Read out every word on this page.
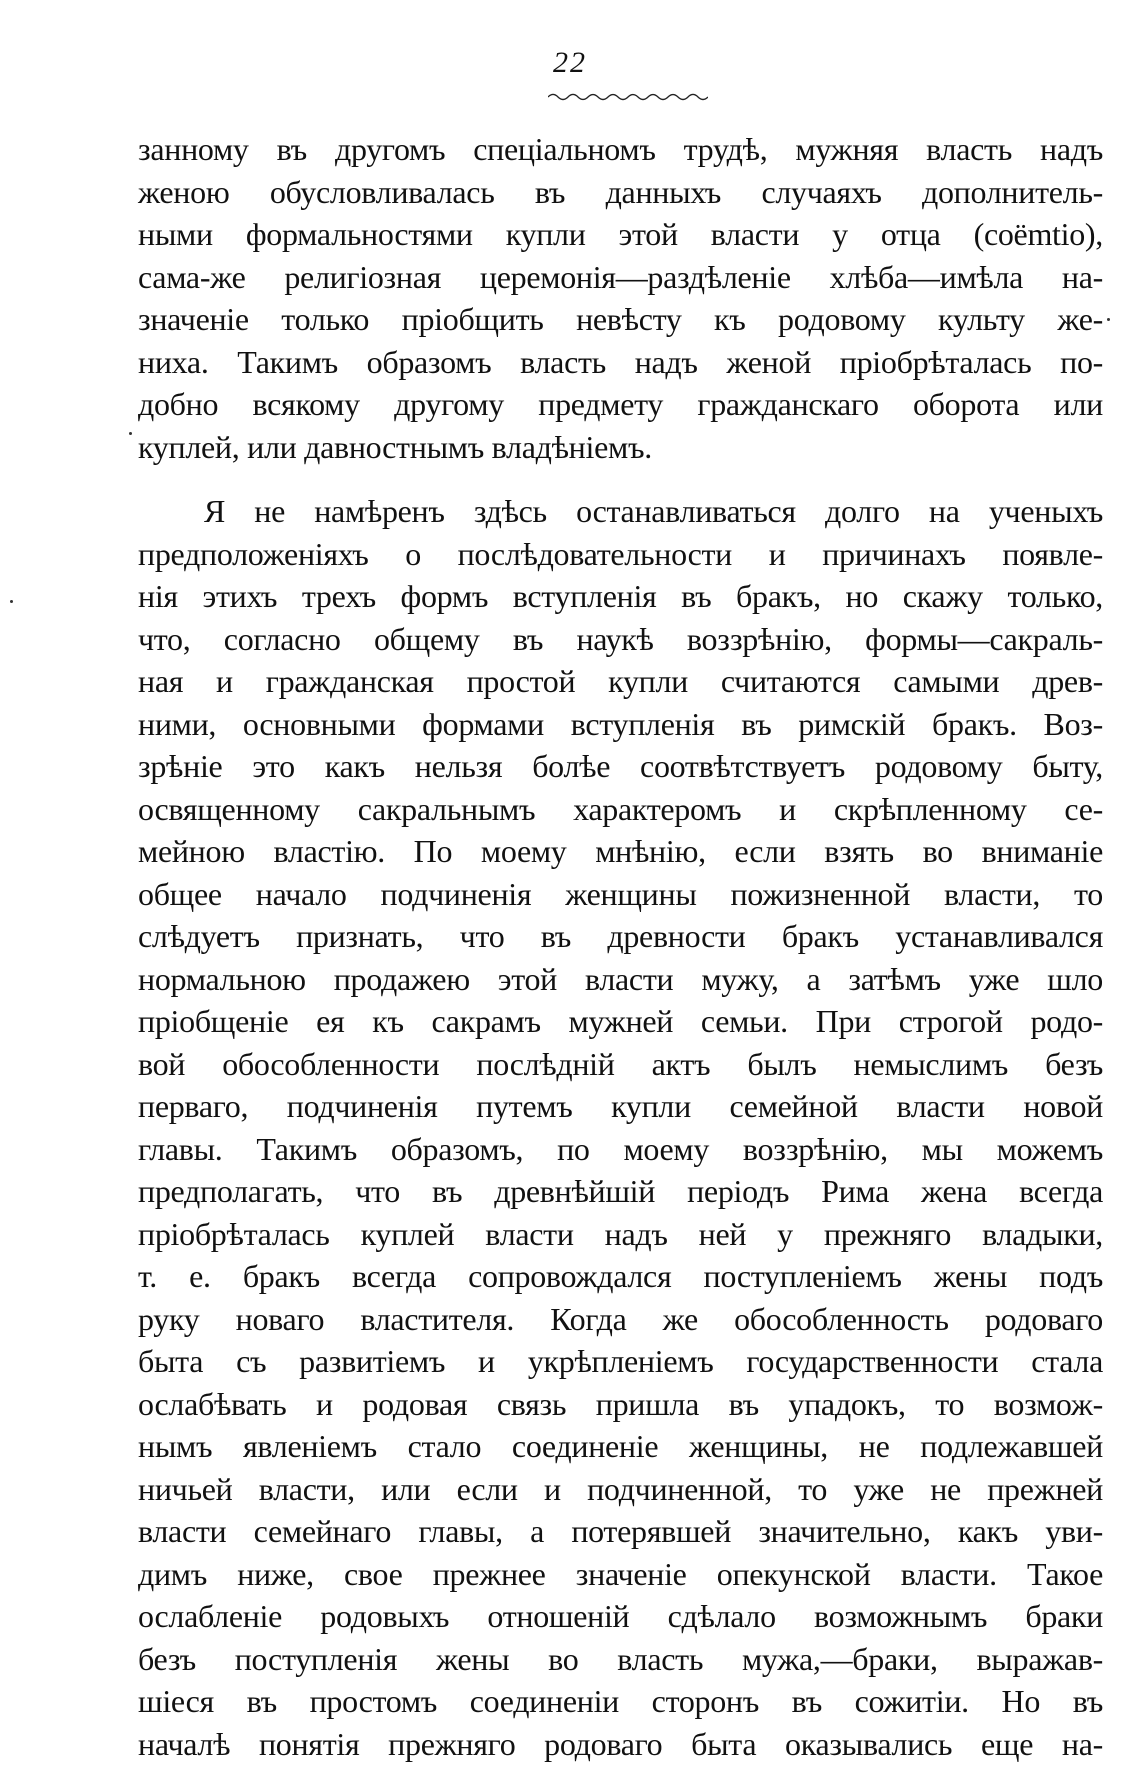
22
занному въ другомъ спеціальномъ трудѣ, мужняя власть надъ
женою обусловливалась въ данныхъ случаяхъ дополнитель-
ными формальностями купли этой власти у отца (coëmtio),
сама-же религіозная церемонія—раздѣленіе хлѣба—имѣла на-
значеніе только пріобщить невѣсту къ родовому культу же-
ниха. Такимъ образомъ власть надъ женой пріобрѣталась по-
добно всякому другому предмету гражданскаго оборота или
куплей, или давностнымъ владѣніемъ.
Я не намѣренъ здѣсь останавливаться долго на ученыхъ
предположеніяхъ о послѣдовательности и причинахъ появле-
нія этихъ трехъ формъ вступленія въ бракъ, но скажу только,
что, согласно общему въ наукѣ воззрѣнію, формы—сакраль-
ная и гражданская простой купли считаются самыми древ-
ними, основными формами вступленія въ римскій бракъ. Воз-
зрѣніе это какъ нельзя болѣе соотвѣтствуетъ родовому быту,
освященному сакральнымъ характеромъ и скрѣпленному се-
мейною властію. По моему мнѣнію, если взять во вниманіе
общее начало подчиненія женщины пожизненной власти, то
слѣдуетъ признать, что въ древности бракъ устанавливался
нормальною продажею этой власти мужу, а затѣмъ уже шло
пріобщеніе ея къ сакрамъ мужней семьи. При строгой родо-
вой обособленности послѣдній актъ былъ немыслимъ безъ
перваго, подчиненія путемъ купли семейной власти новой
главы. Такимъ образомъ, по моему воззрѣнію, мы можемъ
предполагать, что въ древнѣйшій періодъ Рима жена всегда
пріобрѣталась куплей власти надъ ней у прежняго владыки,
т. е. бракъ всегда сопровождался поступленіемъ жены подъ
руку новаго властителя. Когда же обособленность родоваго
быта съ развитіемъ и укрѣпленіемъ государственности стала
ослабѣвать и родовая связь пришла въ упадокъ, то возмож-
нымъ явленіемъ стало соединеніе женщины, не подлежавшей
ничьей власти, или если и подчиненной, то уже не прежней
власти семейнаго главы, а потерявшей значительно, какъ уви-
димъ ниже, свое прежнее значеніе опекунской власти. Такое
ослабленіе родовыхъ отношеній сдѣлало возможнымъ браки
безъ поступленія жены во власть мужа,—браки, выражав-
шіеся въ простомъ соединеніи сторонъ въ сожитіи. Но въ
началѣ понятія прежняго родоваго быта оказывались еще на-
